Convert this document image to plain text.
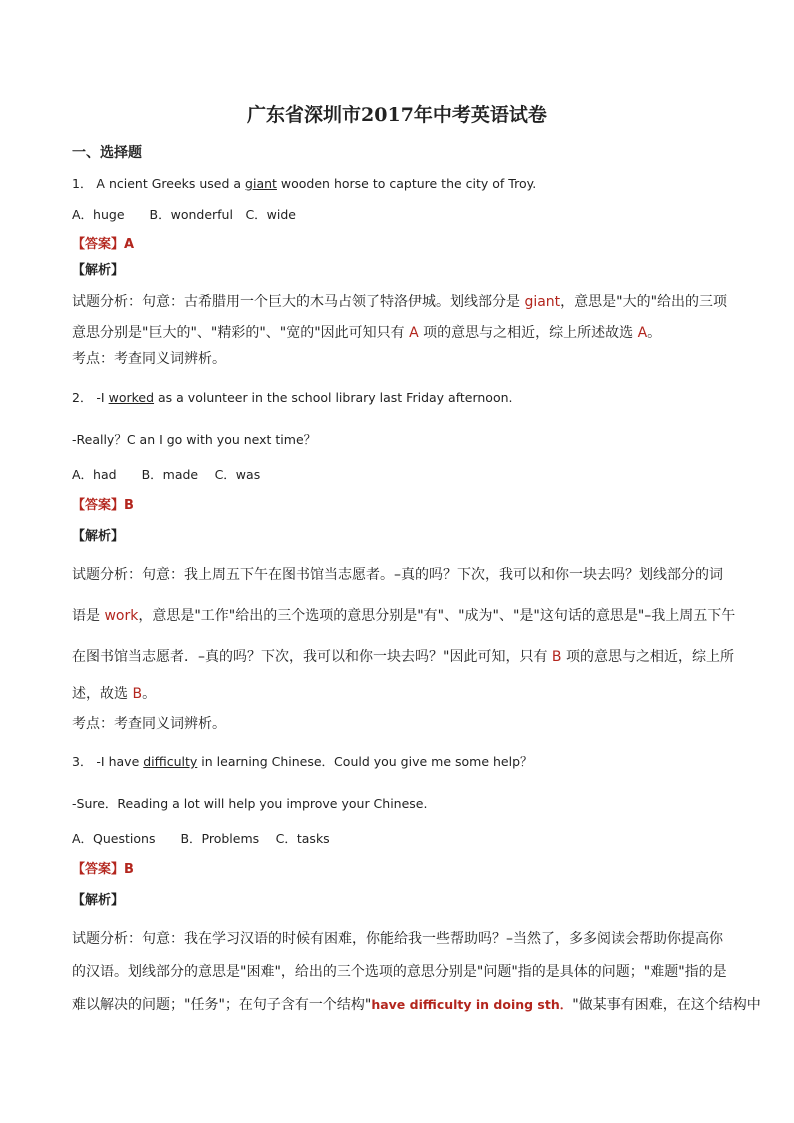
广东省深圳市2017年中考英语试卷
一、选择题
1． A ncient Greeks used a giant wooden horse to capture the city of Troy.
A．huge　　B．wonderful　C．wide
【答案】A
【解析】
试题分析：句意：古希腊用一个巨大的木马占领了特洛伊城。划线部分是 giant，意思是"大的"给出的三项
意思分别是"巨大的"、"精彩的"、"宽的"因此可知只有 A 项的意思与之相近，综上所述故选 A。
考点：考查同义词辨析。
2． -I worked as a volunteer in the school library last Friday afternoon.
-Really？C an I go with you next time？
A．had　　B．made　 C．was
【答案】B
【解析】
试题分析：句意：我上周五下午在图书馆当志愿者。–真的吗？下次，我可以和你一块去吗？划线部分的词
语是 work，意思是"工作"给出的三个选项的意思分别是"有"、"成为"、"是"这句话的意思是"–我上周五下午
在图书馆当志愿者．–真的吗？下次，我可以和你一块去吗？"因此可知，只有 B 项的意思与之相近，综上所
述，故选 B。
考点：考查同义词辨析。
3． -I have difficulty in learning Chinese．Could you give me some help？
-Sure．Reading a lot will help you improve your Chinese.
A．Questions　　B．Problems　 C．tasks
【答案】B
【解析】
试题分析：句意：我在学习汉语的时候有困难，你能给我一些帮助吗？–当然了，多多阅读会帮助你提高你
的汉语。划线部分的意思是"困难"，给出的三个选项的意思分别是"问题"指的是具体的问题；"难题"指的是
难以解决的问题；"任务"；在句子含有一个结构"have difficulty in doing sth．"做某事有困难，在这个结构中
